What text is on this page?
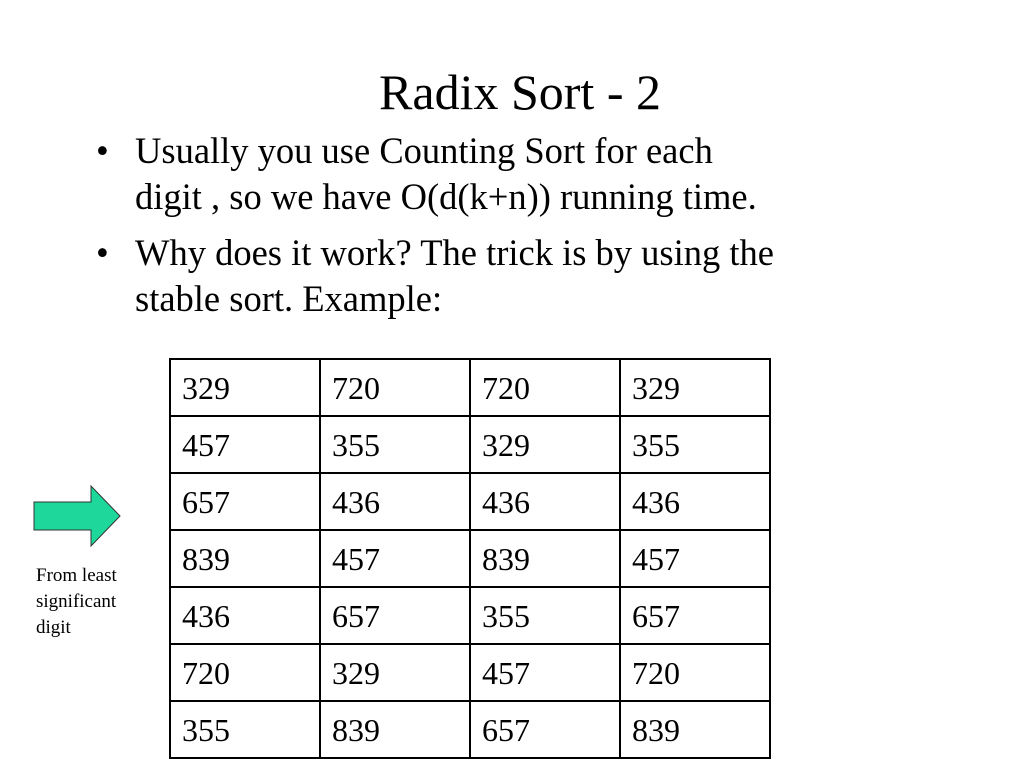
Radix Sort - 2
• Usually you use Counting Sort for each
digit , so we have O(d(k+n)) running time.
• Why does it work? The trick is by using the
stable sort. Example:
329	720	720	329
457	355	329	355
657	436	436	436
839	457	839	457
436	657	355	657
720	329	457	720
355	839	657	839
From least
significant
digit
